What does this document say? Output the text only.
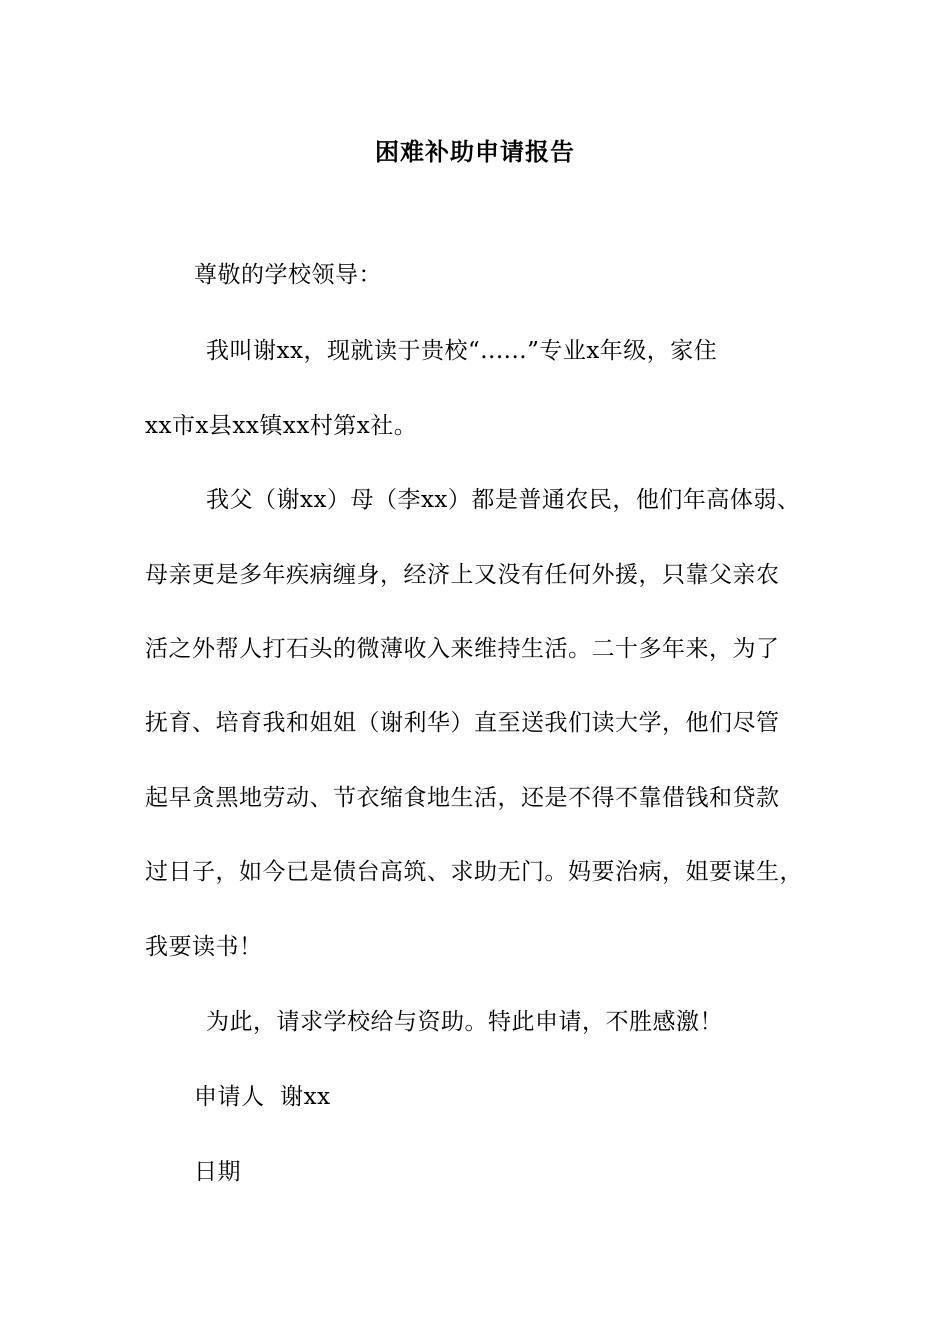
困难补助申请报告
尊敬的学校领导：
我叫谢xx，现就读于贵校“......”专业x年级，家住
xx市x县xx镇xx村第x社。
我父（谢xx）母（李xx）都是普通农民，他们年高体弱、
母亲更是多年疾病缠身，经济上又没有任何外援，只靠父亲农
活之外帮人打石头的微薄收入来维持生活。二十多年来，为了
抚育、培育我和姐姐（谢利华）直至送我们读大学，他们尽管
起早贪黑地劳动、节衣缩食地生活，还是不得不靠借钱和贷款
过日子，如今已是债台高筑、求助无门。妈要治病，姐要谋生，
我要读书！
为此，请求学校给与资助。特此申请，不胜感激！
申请人  谢xx
日期
